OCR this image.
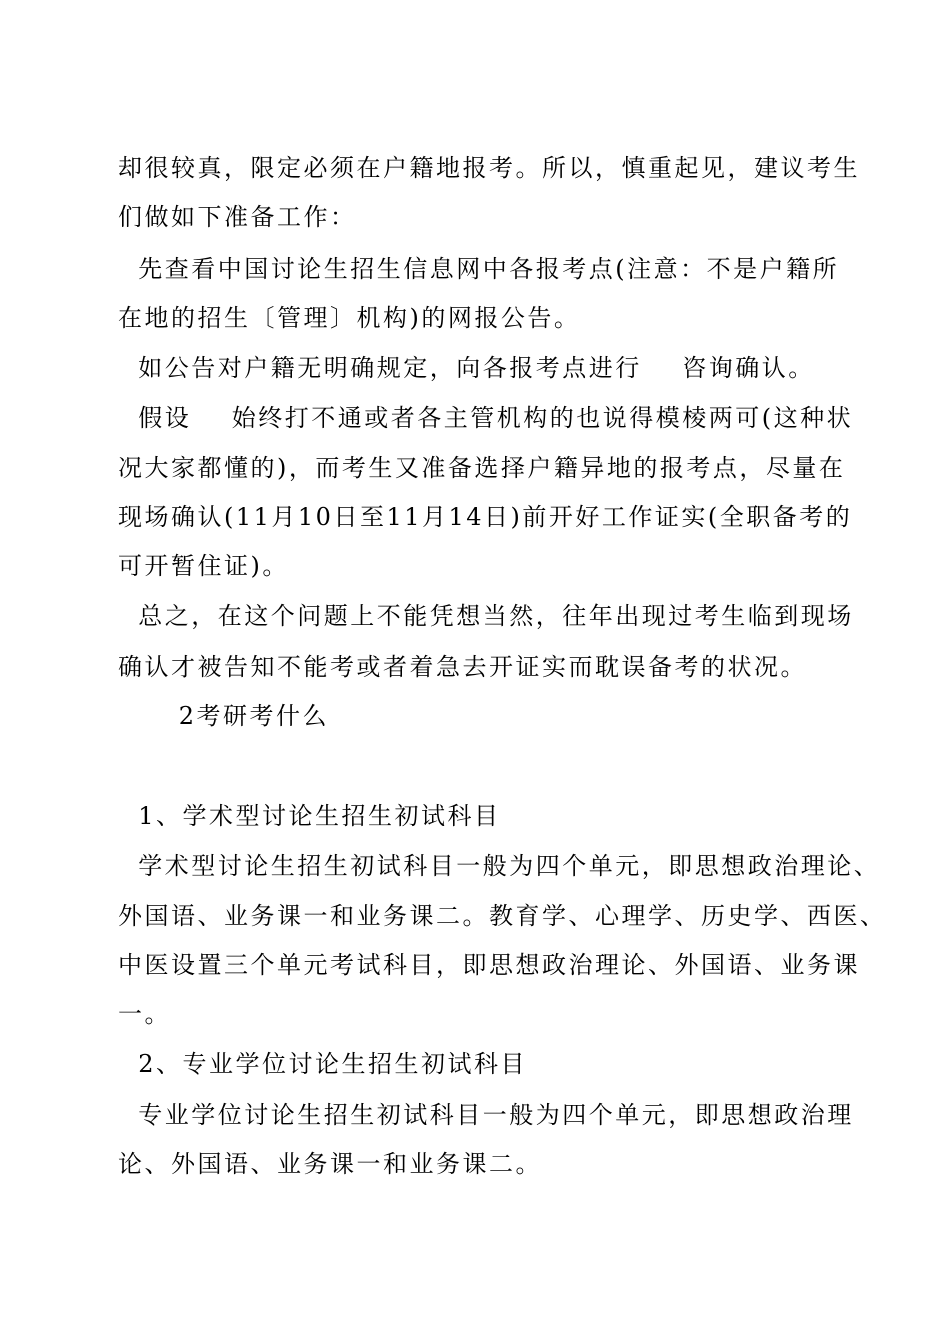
却很较真，限定必须在户籍地报考。所以，慎重起见，建议考生
们做如下准备工作：
先查看中国讨论生招生信息网中各报考点(注意：不是户籍所
在地的招生〔管理〕机构)的网报公告。
如公告对户籍无明确规定，向各报考点进行    咨询确认。
假设    始终打不通或者各主管机构的也说得模棱两可(这种状
况大家都懂的)，而考生又准备选择户籍异地的报考点，尽量在
现场确认(11月10日至11月14日)前开好工作证实(全职备考的
可开暂住证)。
总之，在这个问题上不能凭想当然，往年出现过考生临到现场
确认才被告知不能考或者着急去开证实而耽误备考的状况。
2考研考什么
1、学术型讨论生招生初试科目
学术型讨论生招生初试科目一般为四个单元，即思想政治理论、
外国语、业务课一和业务课二。教育学、心理学、历史学、西医、
中医设置三个单元考试科目，即思想政治理论、外国语、业务课
一。
2、专业学位讨论生招生初试科目
专业学位讨论生招生初试科目一般为四个单元，即思想政治理
论、外国语、业务课一和业务课二。
